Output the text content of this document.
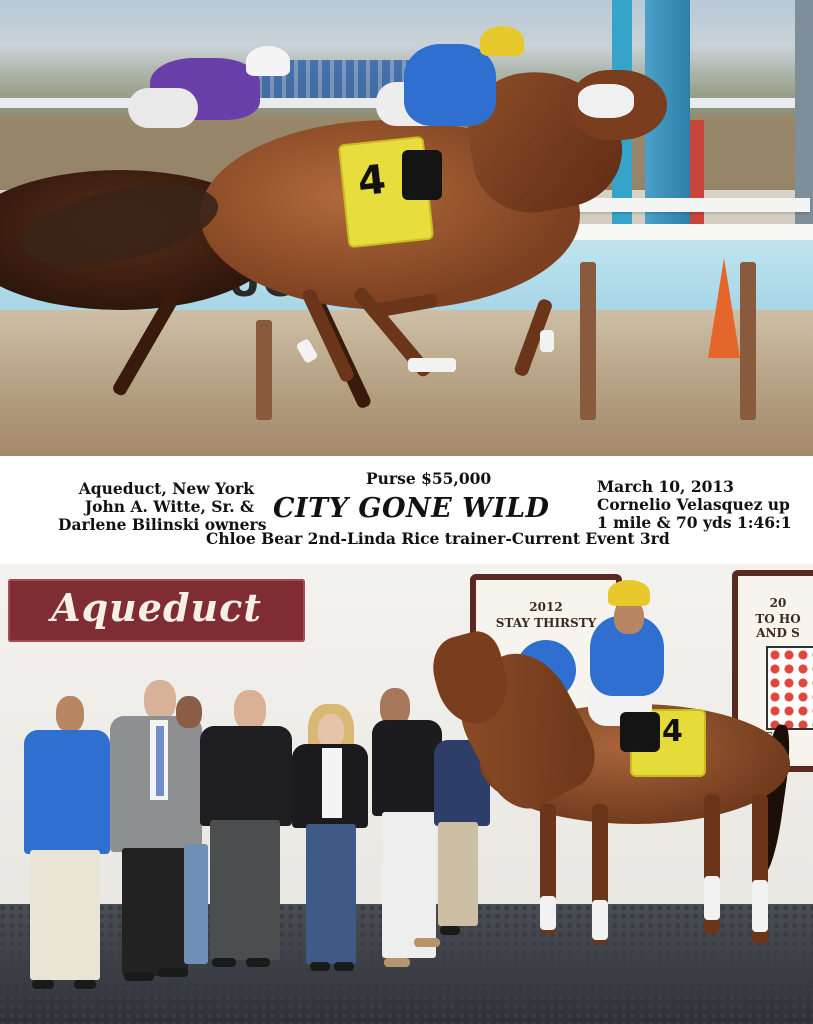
4
Aqueduct, New York
John A. Witte, Sr. &
Darlene Bilinski owners
Purse $55,000
CITY GONE WILD
March 10, 2013
Cornelio Velasquez up
1 mile & 70 yds 1:46:1
Chloe Bear 2nd-Linda Rice trainer-Current Event 3rd
Aqueduct	2012
STAY THIRSTY
20
TO HO
AND S
4
